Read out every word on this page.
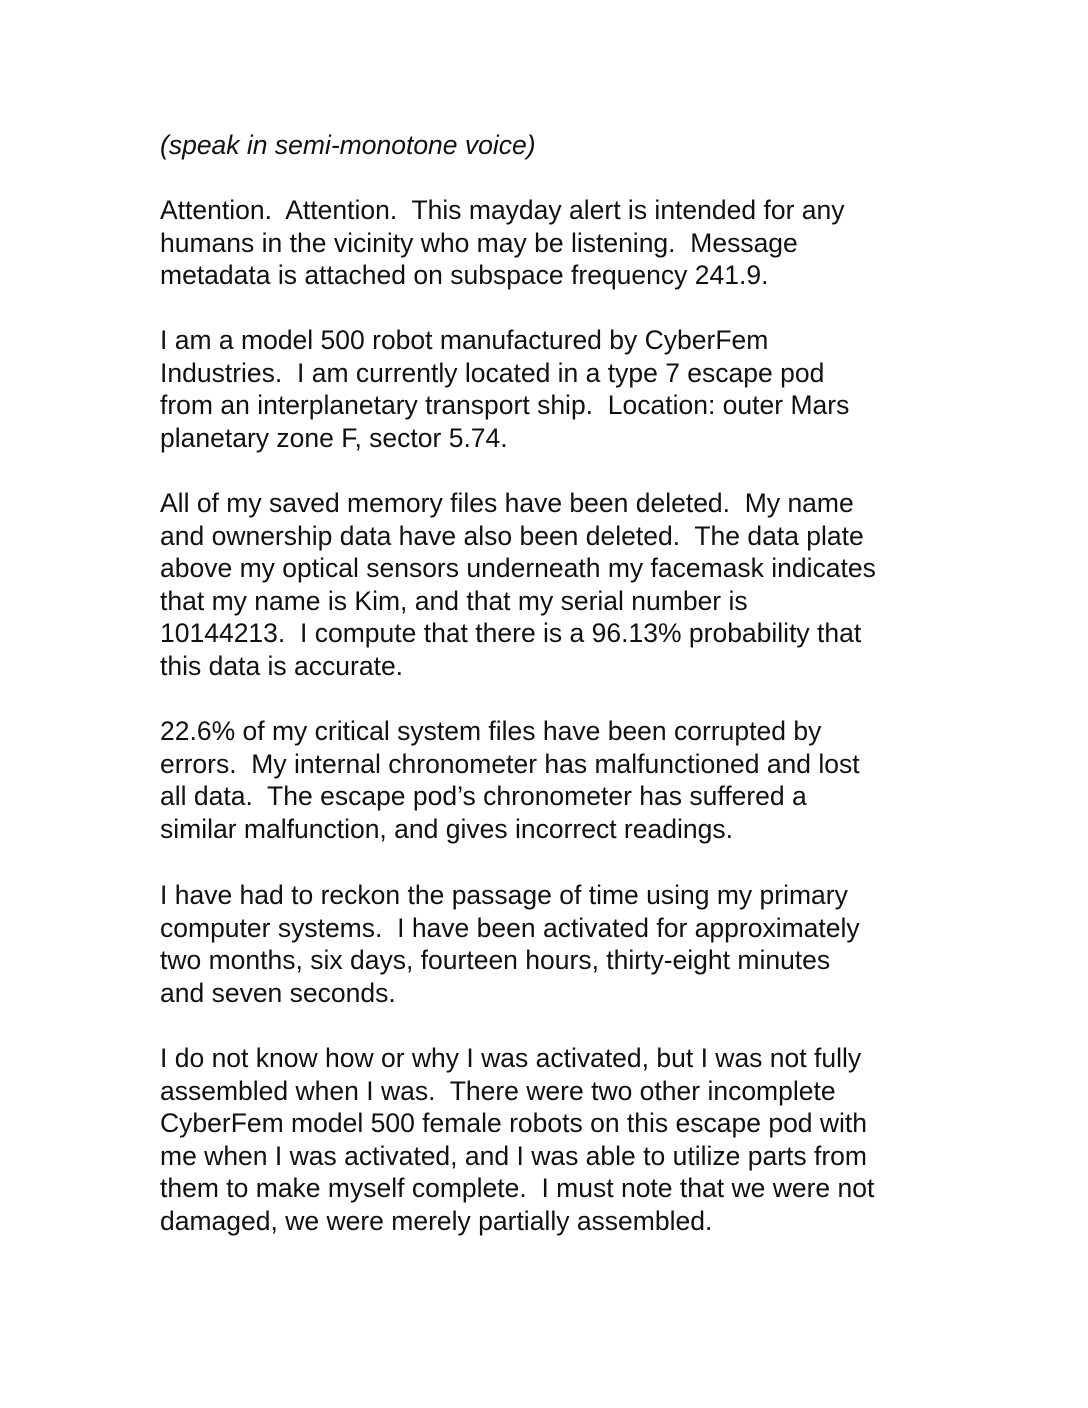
(speak in semi-monotone voice)
Attention.  Attention.  This mayday alert is intended for any
humans in the vicinity who may be listening.  Message
metadata is attached on subspace frequency 241.9.
I am a model 500 robot manufactured by CyberFem
Industries.  I am currently located in a type 7 escape pod
from an interplanetary transport ship.  Location: outer Mars
planetary zone F, sector 5.74.
All of my saved memory files have been deleted.  My name
and ownership data have also been deleted.  The data plate
above my optical sensors underneath my facemask indicates
that my name is Kim, and that my serial number is
10144213.  I compute that there is a 96.13% probability that
this data is accurate.
22.6% of my critical system files have been corrupted by
errors.  My internal chronometer has malfunctioned and lost
all data.  The escape pod’s chronometer has suffered a
similar malfunction, and gives incorrect readings.
I have had to reckon the passage of time using my primary
computer systems.  I have been activated for approximately
two months, six days, fourteen hours, thirty-eight minutes
and seven seconds.
I do not know how or why I was activated, but I was not fully
assembled when I was.  There were two other incomplete
CyberFem model 500 female robots on this escape pod with
me when I was activated, and I was able to utilize parts from
them to make myself complete.  I must note that we were not
damaged, we were merely partially assembled.
